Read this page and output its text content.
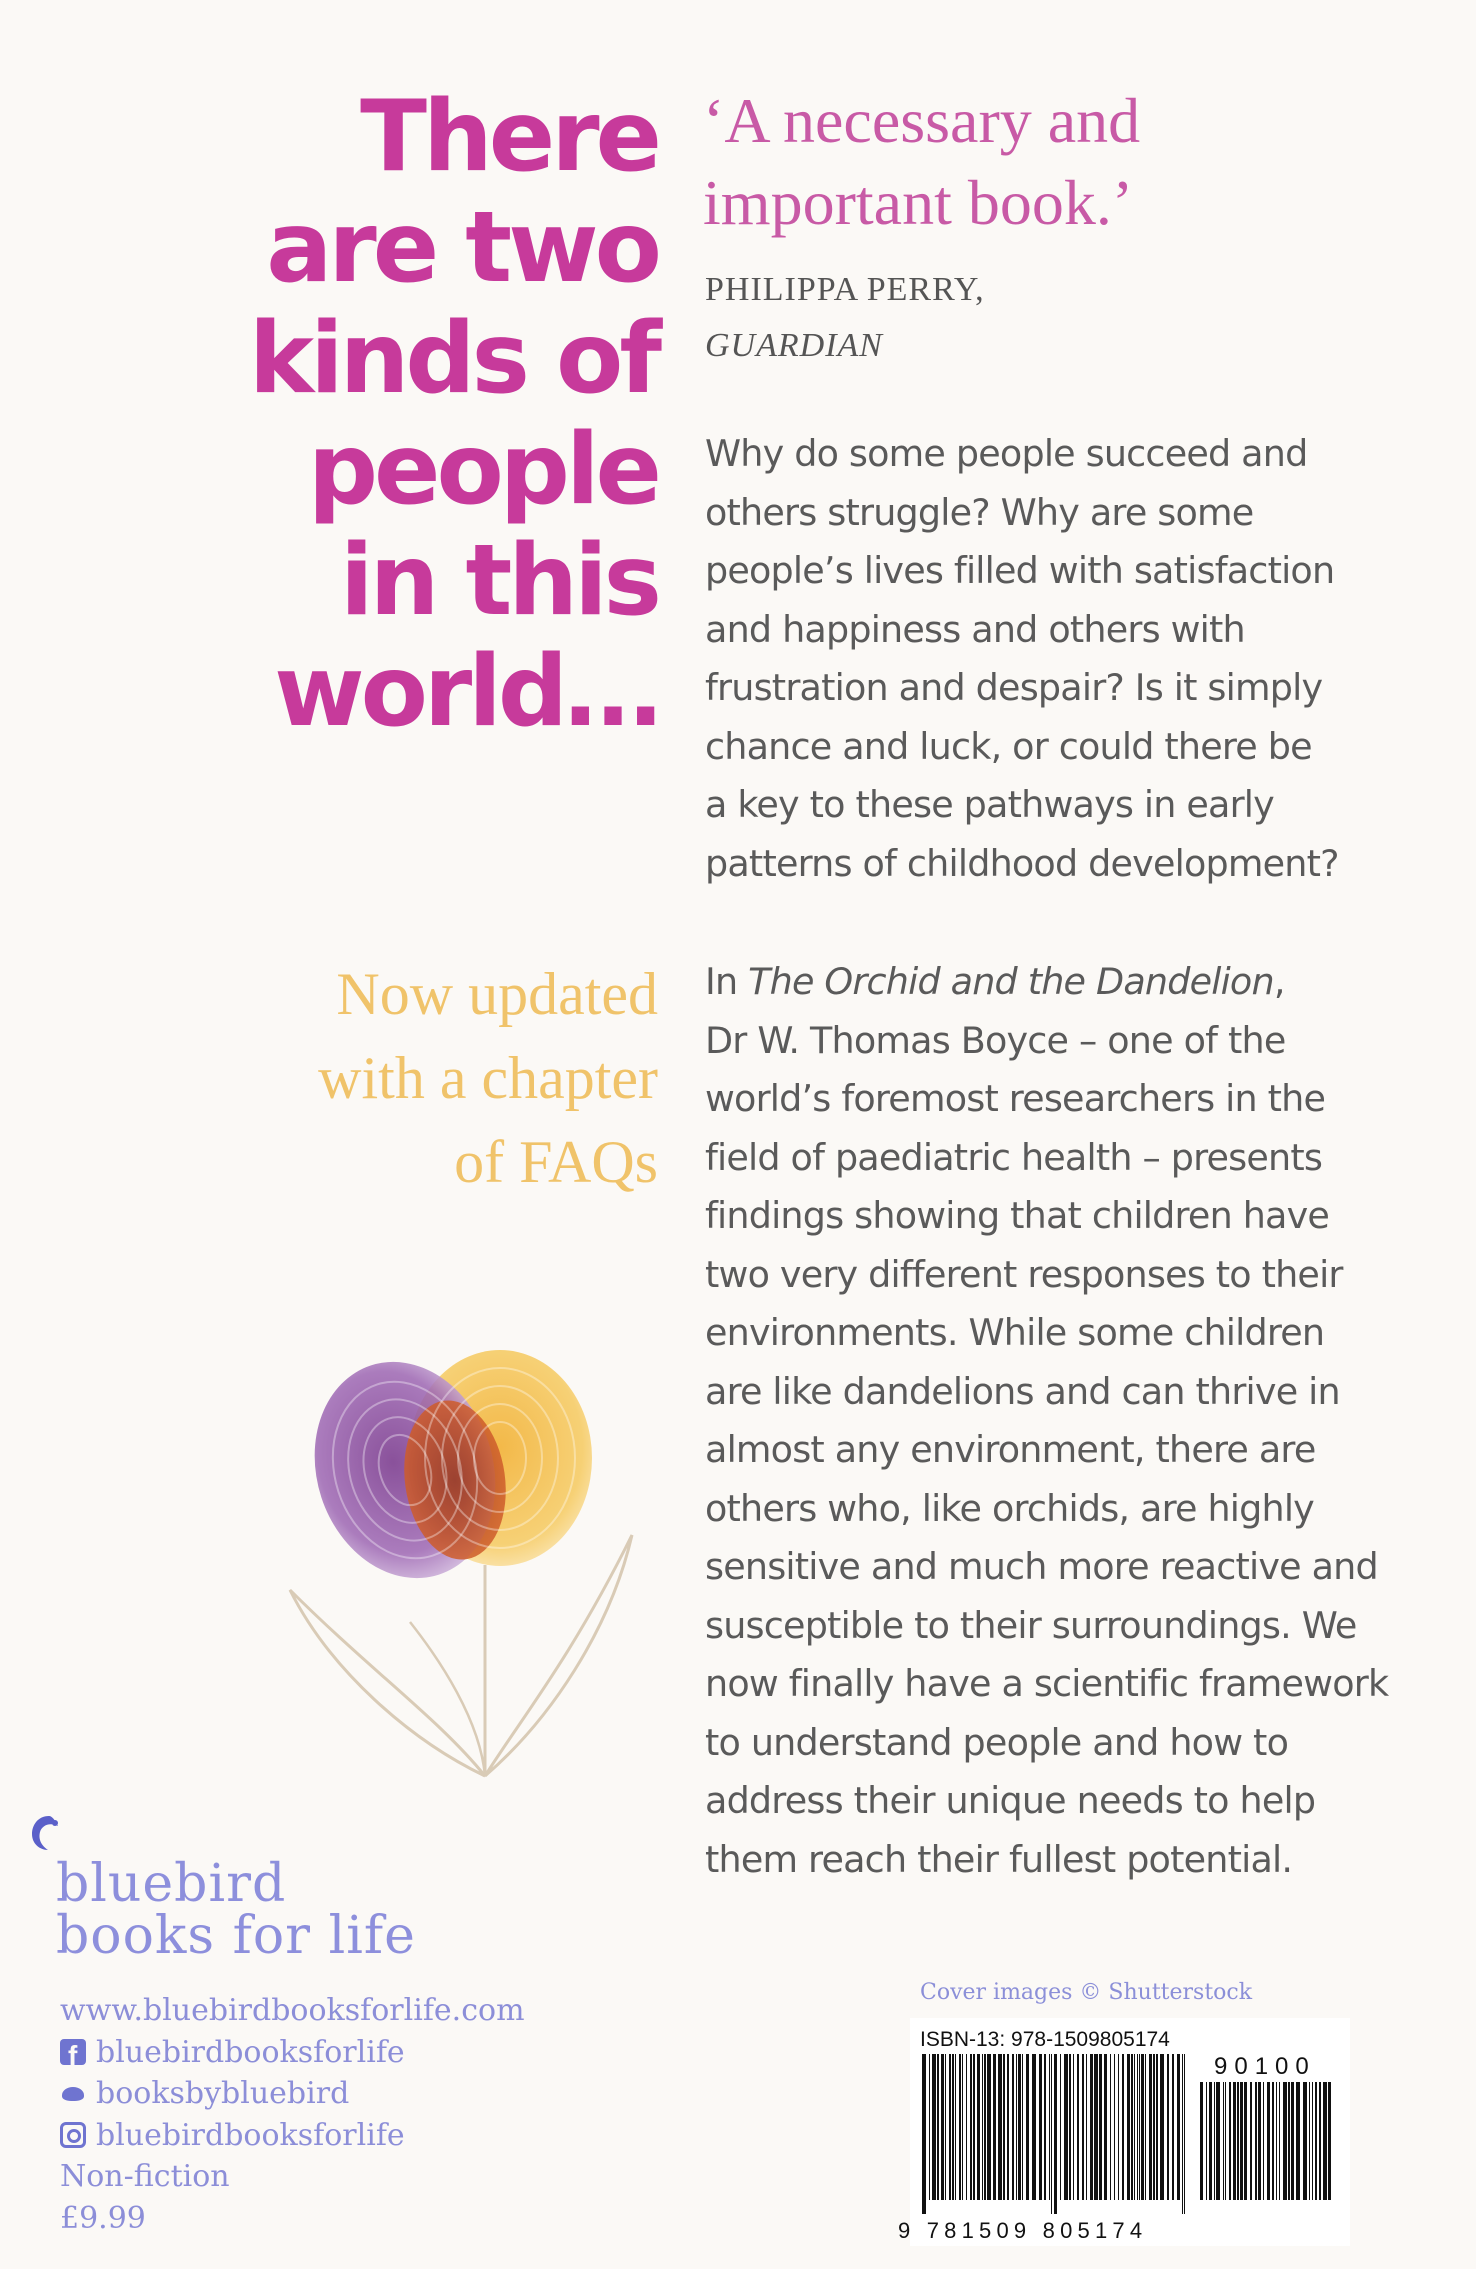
There
are two
kinds of
people
in this
world…
Now updated
with a chapter
of FAQs
‘A necessary and
important book.’
PHILIPPA PERRY,
GUARDIAN
Why do some people succeed and
others struggle? Why are some
people’s lives filled with satisfaction
and happiness and others with
frustration and despair? Is it simply
chance and luck, or could there be
a key to these pathways in early
patterns of childhood development?
In The Orchid and the Dandelion,
Dr W. Thomas Boyce – one of the
world’s foremost researchers in the
field of paediatric health – presents
findings showing that children have
two very different responses to their
environments. While some children
are like dandelions and can thrive in
almost any environment, there are
others who, like orchids, are highly
sensitive and much more reactive and
susceptible to their surroundings. We
now finally have a scientific framework
to understand people and how to
address their unique needs to help
them reach their fullest potential.
bluebird
books for life
www.bluebirdbooksforlife.com
f
bluebirdbooksforlife
booksbybluebird
bluebirdbooksforlife
Non-fiction
£9.99
Cover images © Shutterstock
ISBN-13: 978-1509805174
90100
9 781509 805174
